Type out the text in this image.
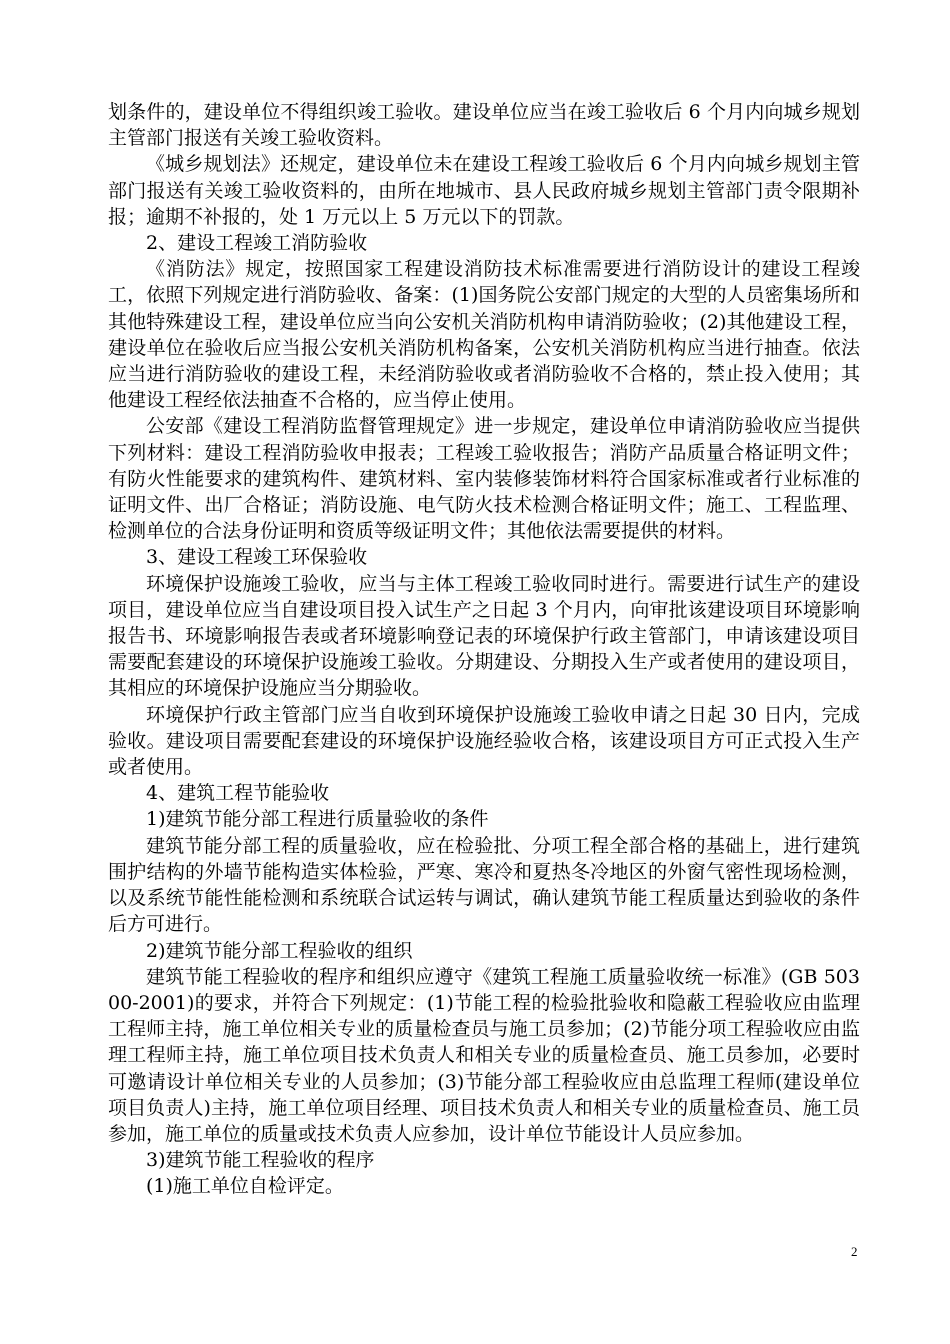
划条件的，建设单位不得组织竣工验收。建设单位应当在竣工验收后 6 个月内向城乡规划主管部门报送有关竣工验收资料。

《城乡规划法》还规定，建设单位未在建设工程竣工验收后 6 个月内向城乡规划主管部门报送有关竣工验收资料的，由所在地城市、县人民政府城乡规划主管部门责令限期补报；逾期不补报的，处 1 万元以上 5 万元以下的罚款。

2、建设工程竣工消防验收

《消防法》规定，按照国家工程建设消防技术标准需要进行消防设计的建设工程竣工，依照下列规定进行消防验收、备案：(1)国务院公安部门规定的大型的人员密集场所和其他特殊建设工程，建设单位应当向公安机关消防机构申请消防验收；(2)其他建设工程，建设单位在验收后应当报公安机关消防机构备案，公安机关消防机构应当进行抽查。依法应当进行消防验收的建设工程，未经消防验收或者消防验收不合格的，禁止投入使用；其他建设工程经依法抽查不合格的，应当停止使用。

公安部《建设工程消防监督管理规定》进一步规定，建设单位申请消防验收应当提供下列材料：建设工程消防验收申报表；工程竣工验收报告；消防产品质量合格证明文件；有防火性能要求的建筑构件、建筑材料、室内装修装饰材料符合国家标准或者行业标准的证明文件、出厂合格证；消防设施、电气防火技术检测合格证明文件；施工、工程监理、检测单位的合法身份证明和资质等级证明文件；其他依法需要提供的材料。

3、建设工程竣工环保验收

环境保护设施竣工验收，应当与主体工程竣工验收同时进行。需要进行试生产的建设项目，建设单位应当自建设项目投入试生产之日起 3 个月内，向审批该建设项目环境影响报告书、环境影响报告表或者环境影响登记表的环境保护行政主管部门，申请该建设项目需要配套建设的环境保护设施竣工验收。分期建设、分期投入生产或者使用的建设项目，其相应的环境保护设施应当分期验收。

环境保护行政主管部门应当自收到环境保护设施竣工验收申请之日起 30 日内，完成验收。建设项目需要配套建设的环境保护设施经验收合格，该建设项目方可正式投入生产或者使用。

4、建筑工程节能验收

1)建筑节能分部工程进行质量验收的条件

建筑节能分部工程的质量验收，应在检验批、分项工程全部合格的基础上，进行建筑围护结构的外墙节能构造实体检验，严寒、寒冷和夏热冬冷地区的外窗气密性现场检测，以及系统节能性能检测和系统联合试运转与调试，确认建筑节能工程质量达到验收的条件后方可进行。

2)建筑节能分部工程验收的组织

建筑节能工程验收的程序和组织应遵守《建筑工程施工质量验收统一标准》(GB 50300-2001)的要求，并符合下列规定：(1)节能工程的检验批验收和隐蔽工程验收应由监理工程师主持，施工单位相关专业的质量检查员与施工员参加；(2)节能分项工程验收应由监理工程师主持，施工单位项目技术负责人和相关专业的质量检查员、施工员参加，必要时可邀请设计单位相关专业的人员参加；(3)节能分部工程验收应由总监理工程师(建设单位项目负责人)主持，施工单位项目经理、项目技术负责人和相关专业的质量检查员、施工员参加，施工单位的质量或技术负责人应参加，设计单位节能设计人员应参加。

3)建筑节能工程验收的程序

(1)施工单位自检评定。

2
